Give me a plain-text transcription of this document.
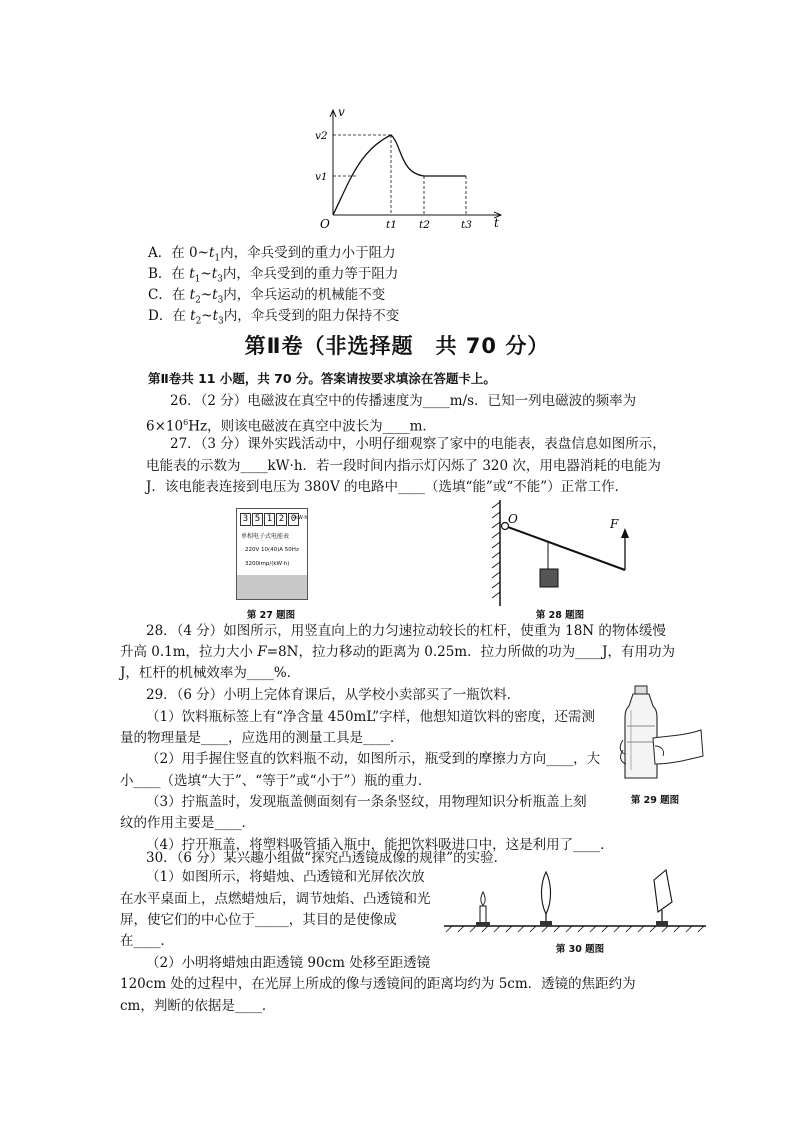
v
t
O
v2
v1
t1 t2	t3
A．在 $0\sim t_1$内，伞兵受到的重力小于阻力
B．在 $t_1\sim t_3$内，伞兵受到的重力等于阻力
C．在 $t_2\sim t_3$内，伞兵运动的机械能不变
D．在 $t_2\sim t_3$内，伞兵受到的阻力保持不变
第Ⅱ卷（非选择题　共 70 分）
第Ⅱ卷共 11 小题，共 70 分。答案请按要求填涂在答题卡上。
26．（2 分）电磁波在真空中的传播速度为____m/s．已知一列电磁波的频率为
$6\times 10^6Hz$，则该电磁波在真空中波长为____m．
27．（3 分）课外实践活动中，小明仔细观察了家中的电能表，表盘信息如图所示，
电能表的示数为____kW·h．若一段时间内指示灯闪烁了 320 次，用电器消耗的电能为
J．该电能表连接到电压为 380V 的电路中____（选填“能”或“不能”）正常工作．
3 5 1 2 0
kW·h
单相电子式电能表
220V 10(40)A 50Hz
3200imp/(kW·h)
第 27 题图
O	F
第 28 题图
28．（4 分）如图所示，用竖直向上的力匀速拉动较长的杠杆，使重为 18N 的物体缓慢
升高 0.1m，拉力大小 F=8N，拉力移动的距离为 0.25m．拉力所做的功为____J，有用功为
J，杠杆的机械效率为____%．
29．（6 分）小明上完体育课后，从学校小卖部买了一瓶饮料．
（1）饮料瓶标签上有“净含量 450mL”字样，他想知道饮料的密度，还需测
量的物理量是____，应选用的测量工具是____．
（2）用手握住竖直的饮料瓶不动，如图所示，瓶受到的摩擦力方向____，大
小____（选填“大于”、“等于”或“小于”）瓶的重力．
（3）拧瓶盖时，发现瓶盖侧面刻有一条条竖纹，用物理知识分析瓶盖上刻
纹的作用主要是____．
（4）拧开瓶盖，将塑料吸管插入瓶中，能把饮料吸进口中，这是利用了____．
第 29 题图
30．（6 分）某兴趣小组做“探究凸透镜成像的规律”的实验．
（1）如图所示，将蜡烛、凸透镜和光屏依次放
在水平桌面上，点燃蜡烛后，调节烛焰、凸透镜和光
屏，使它们的中心位于_____，其目的是使像成
在____．
（2）小明将蜡烛由距透镜 90cm 处移至距透镜
120cm 处的过程中，在光屏上所成的像与透镜间的距离均约为 5cm．透镜的焦距约为
cm，判断的依据是____．
第 30 题图
